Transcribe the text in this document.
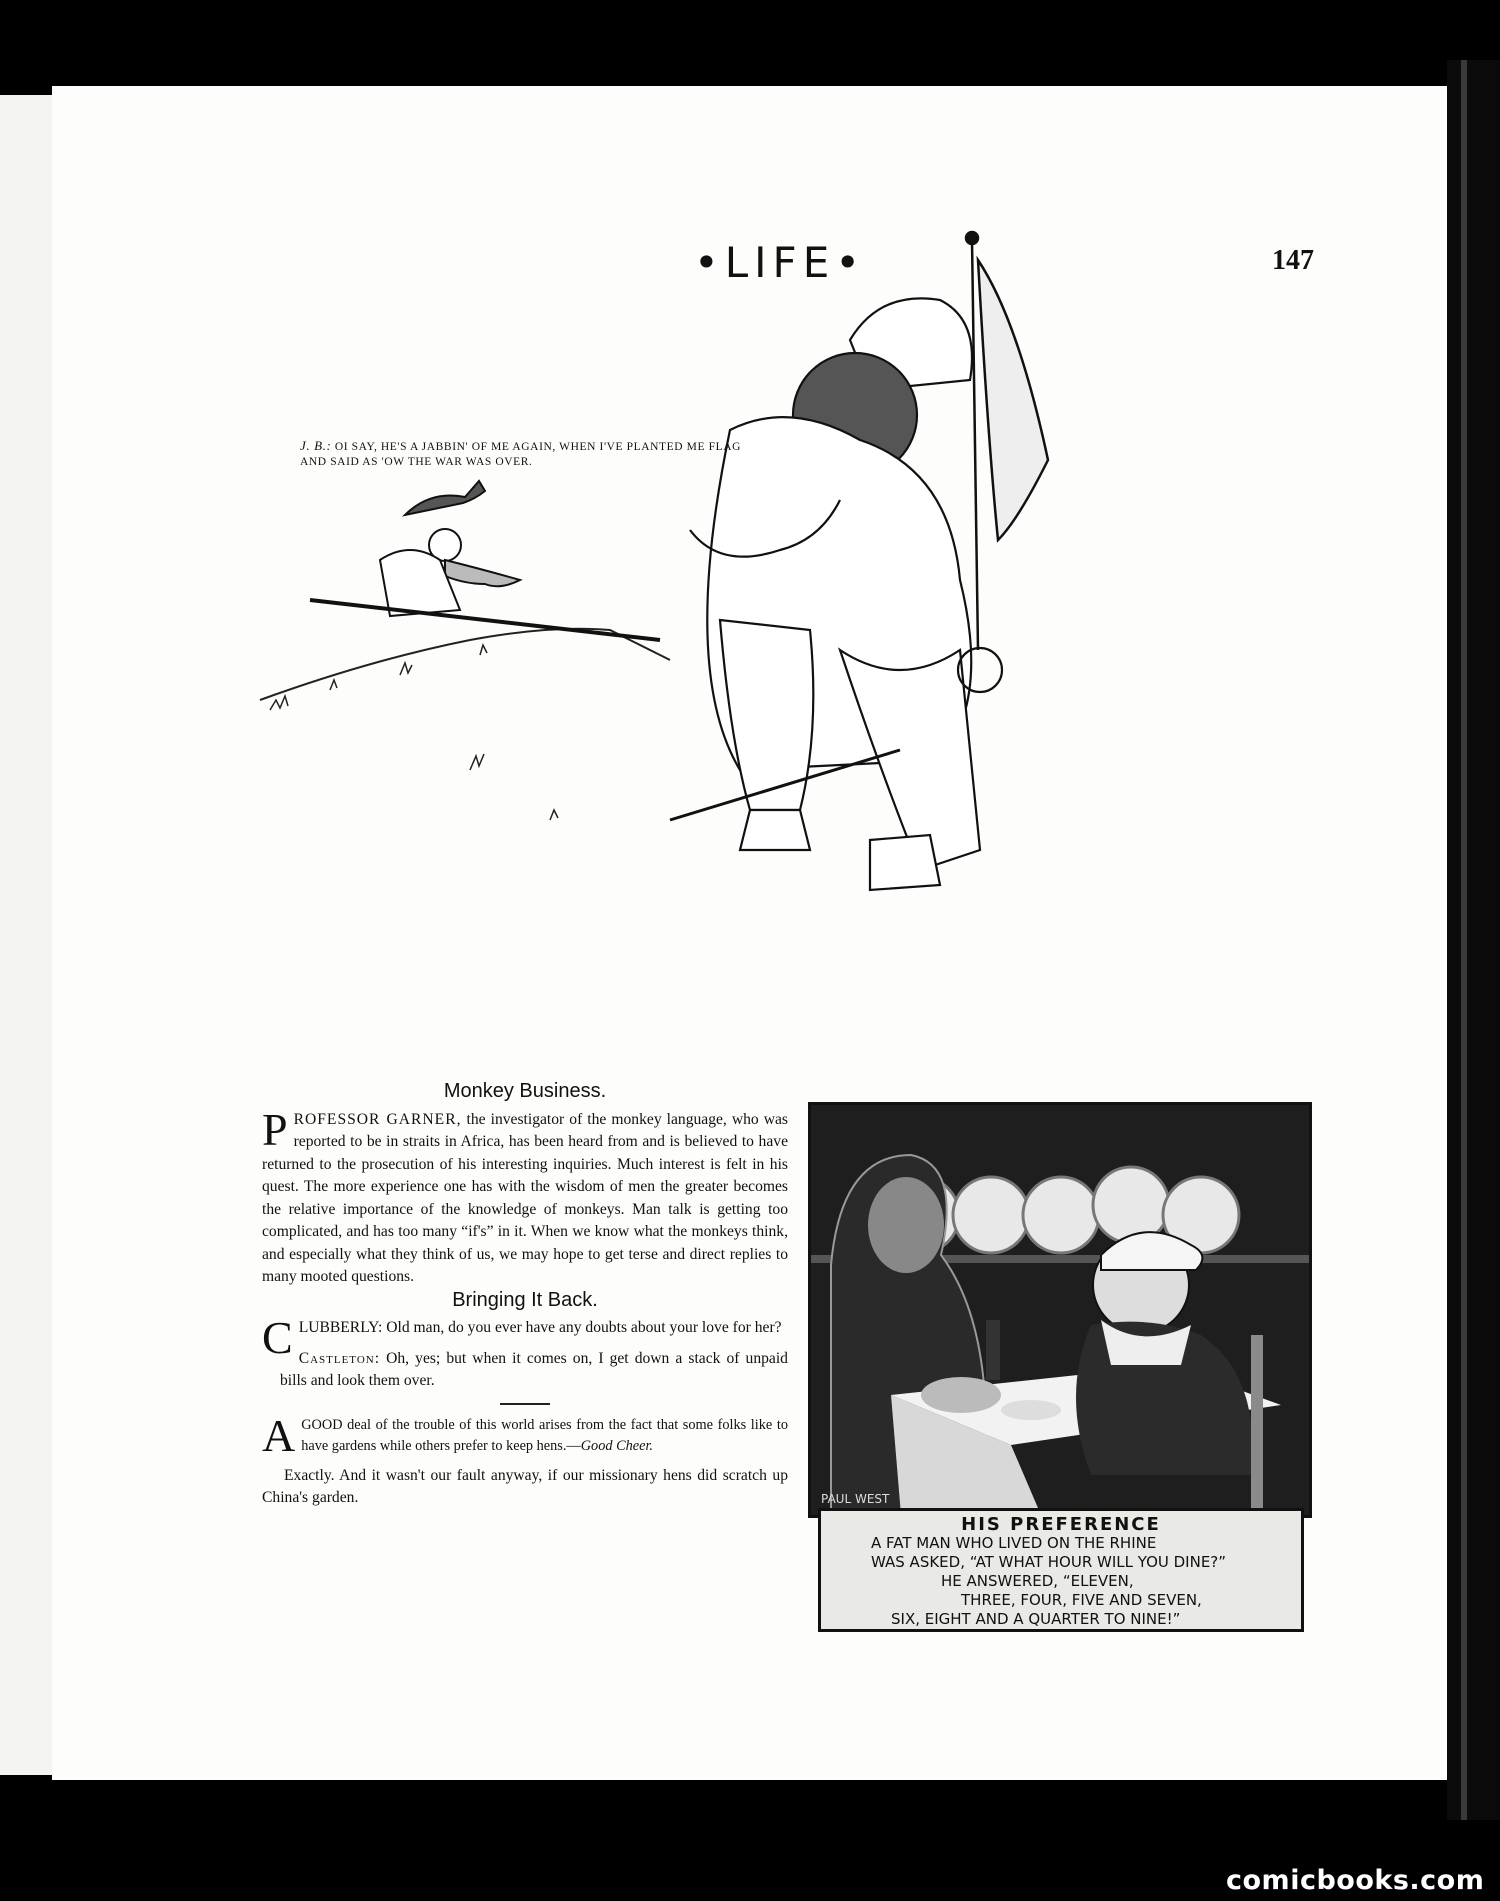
•LIFE•	147
J. B.: OI SAY, HE'S A JABBIN' OF ME AGAIN, WHEN I'VE PLANTED ME FLAG AND SAID AS 'OW THE WAR WAS OVER.
Monkey Business.

PROFESSOR GARNER, the investigator of the monkey language, who was reported to be in straits in Africa, has been heard from and is believed to have returned to the prosecution of his interesting inquiries. Much interest is felt in his quest. The more experience one has with the wisdom of men the greater becomes the relative importance of the knowledge of monkeys. Man talk is getting too complicated, and has too many “if's” in it. When we know what the monkeys think, and especially what they think of us, we may hope to get terse and direct replies to many mooted questions.

Bringing It Back.

CLUBBERLY: Old man, do you ever have any doubts about your love for her?

Castleton: Oh, yes; but when it comes on, I get down a stack of unpaid bills and look them over.

AGOOD deal of the trouble of this world arises from the fact that some folks like to have gardens while others prefer to keep hens.—Good Cheer.

Exactly. And it wasn't our fault anyway, if our missionary hens did scratch up China's garden.	PAUL WEST
HIS PREFERENCE
A FAT MAN WHO LIVED ON THE RHINE
WAS ASKED, “AT WHAT HOUR WILL YOU DINE?”
HE ANSWERED, “ELEVEN,
THREE, FOUR, FIVE AND SEVEN,
SIX, EIGHT AND A QUARTER TO NINE!”
comicbooks.com
